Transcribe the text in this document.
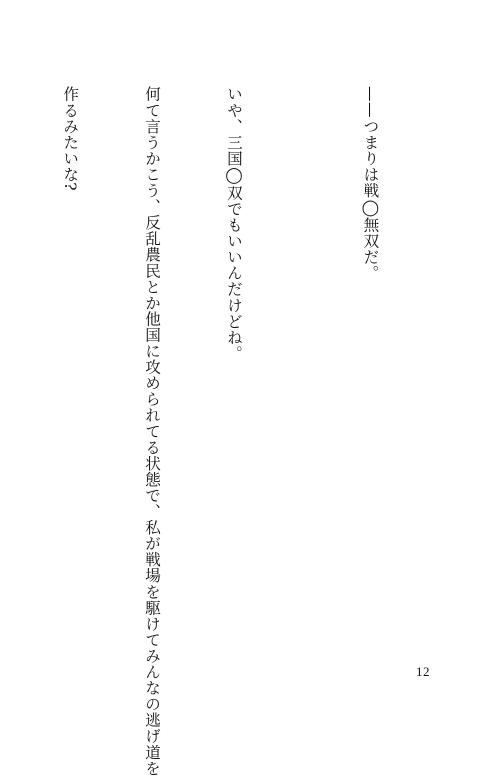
——つまりは戦◯無双だ。

いや、三国◯双でもいいんだけどね。

何て言うかこう、反乱農民とか他国に攻められてる状態で、私が戦場を駆けてみんなの逃げ道を

作るみたいな?

12
